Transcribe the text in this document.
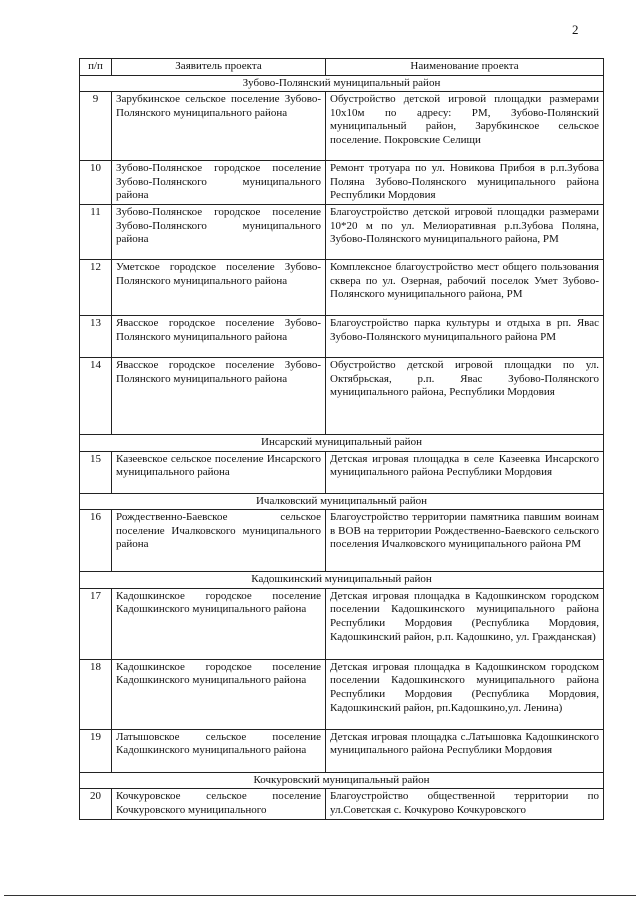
2
п/п	Заявитель проекта	Наименование проекта
Зубово-Полянский муниципальный район		
9	Зарубкинское сельское поселение Зубово-Полянского муниципального района	Обустройство детской игровой площадки размерами 10х10м по адресу: РМ, Зубово-Полянский муниципальный район, Зарубкинское сельское поселение. Покровские Селищи
10	Зубово-Полянское городское поселение Зубово-Полянского муниципального района	Ремонт тротуара по ул. Новикова Прибоя в р.п.Зубова Поляна Зубово-Полянского муниципального района Республики Мордовия
11	Зубово-Полянское городское поселение Зубово-Полянского муниципального района	Благоустройство детской игровой площадки размерами 10*20 м по ул. Мелиоративная р.п.Зубова Поляна, Зубово-Полянского муниципального района, РМ
12	Уметское городское поселение Зубово-Полянского муниципального района	Комплексное благоустройство мест общего пользования сквера по ул. Озерная, рабочий поселок Умет Зубово-Полянского муниципального района, РМ
13	Явасское городское поселение Зубово-Полянского муниципального района	Благоустройство парка культуры и отдыха в рп. Явас Зубово-Полянского муниципального района РМ
14	Явасское городское поселение Зубово-Полянского муниципального района	Обустройство детской игровой площадки по ул. Октябрьская, р.п. Явас Зубово-Полянского муниципального района, Республики Мордовия
Инсарский муниципальный район		
15	Казеевское сельское поселение Инсарского муниципального района	Детская игровая площадка в селе Казеевка Инсарского муниципального района Республики Мордовия
Ичалковский муниципальный район		
16	Рождественно-Баевское сельское поселение Ичалковского муниципального района	Благоустройство территории памятника павшим воинам в ВОВ на территории Рождественно-Баевского сельского поселения Ичалковского муниципального района РМ
Кадошкинский муниципальный район		
17	Кадошкинское городское поселение Кадошкинского муниципального района	Детская игровая площадка в Кадошкинском городском поселении Кадошкинского муниципального района Республики Мордовия (Республика Мордовия, Кадошкинский район, р.п. Кадошкино, ул. Гражданская)
18	Кадошкинское городское поселение Кадошкинского муниципального района	Детская игровая площадка в Кадошкинском городском поселении Кадошкинского муниципального района Республики Мордовия (Республика Мордовия, Кадошкинский район, рп.Кадошкино,ул. Ленина)
19	Латышовское сельское поселение Кадошкинского муниципального района	Детская игровая площадка с.Латышовка Кадошкинского муниципального района Республики Мордовия
Кочкуровский муниципальный район		
20	Кочкуровское сельское поселение Кочкуровского муниципального	Благоустройство общественной территории по ул.Советская с. Кочкурово Кочкуровского
